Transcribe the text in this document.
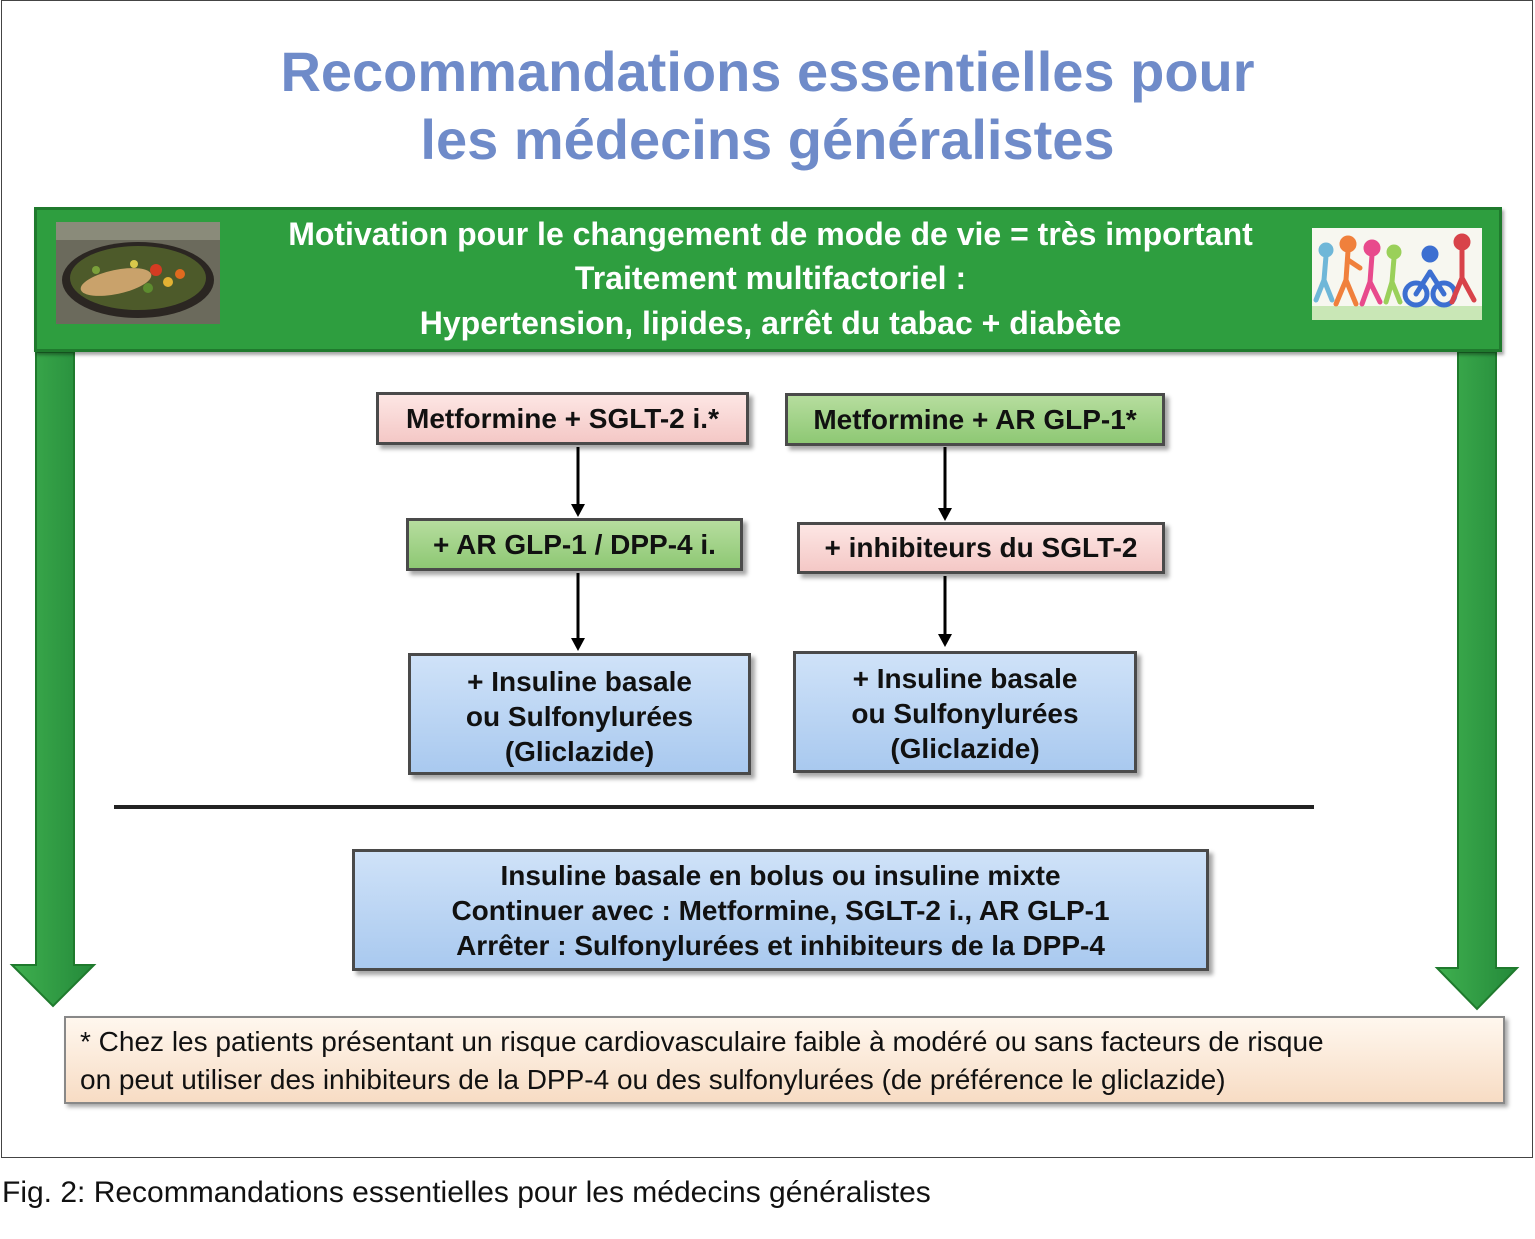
Recommandations essentielles pour
les médecins généralistes
Motivation pour le changement de mode de vie = très important
Traitement multifactoriel :
Hypertension, lipides, arrêt du tabac + diabète
Metformine + SGLT-2 i.*
+ AR GLP-1 / DPP-4 i.
+ Insuline basale
ou Sulfonylurées
(Gliclazide)
Metformine + AR GLP-1*
+ inhibiteurs du SGLT-2
+ Insuline basale
ou Sulfonylurées
(Gliclazide)
Insuline basale en bolus ou insuline mixte
Continuer avec : Metformine, SGLT-2 i., AR GLP-1
Arrêter : Sulfonylurées et inhibiteurs de la DPP-4
* Chez les patients présentant un risque cardiovasculaire faible à modéré ou sans facteurs de risque
on peut utiliser des inhibiteurs de la DPP-4 ou des sulfonylurées (de préférence le gliclazide)
Fig. 2: Recommandations essentielles pour les médecins généralistes
